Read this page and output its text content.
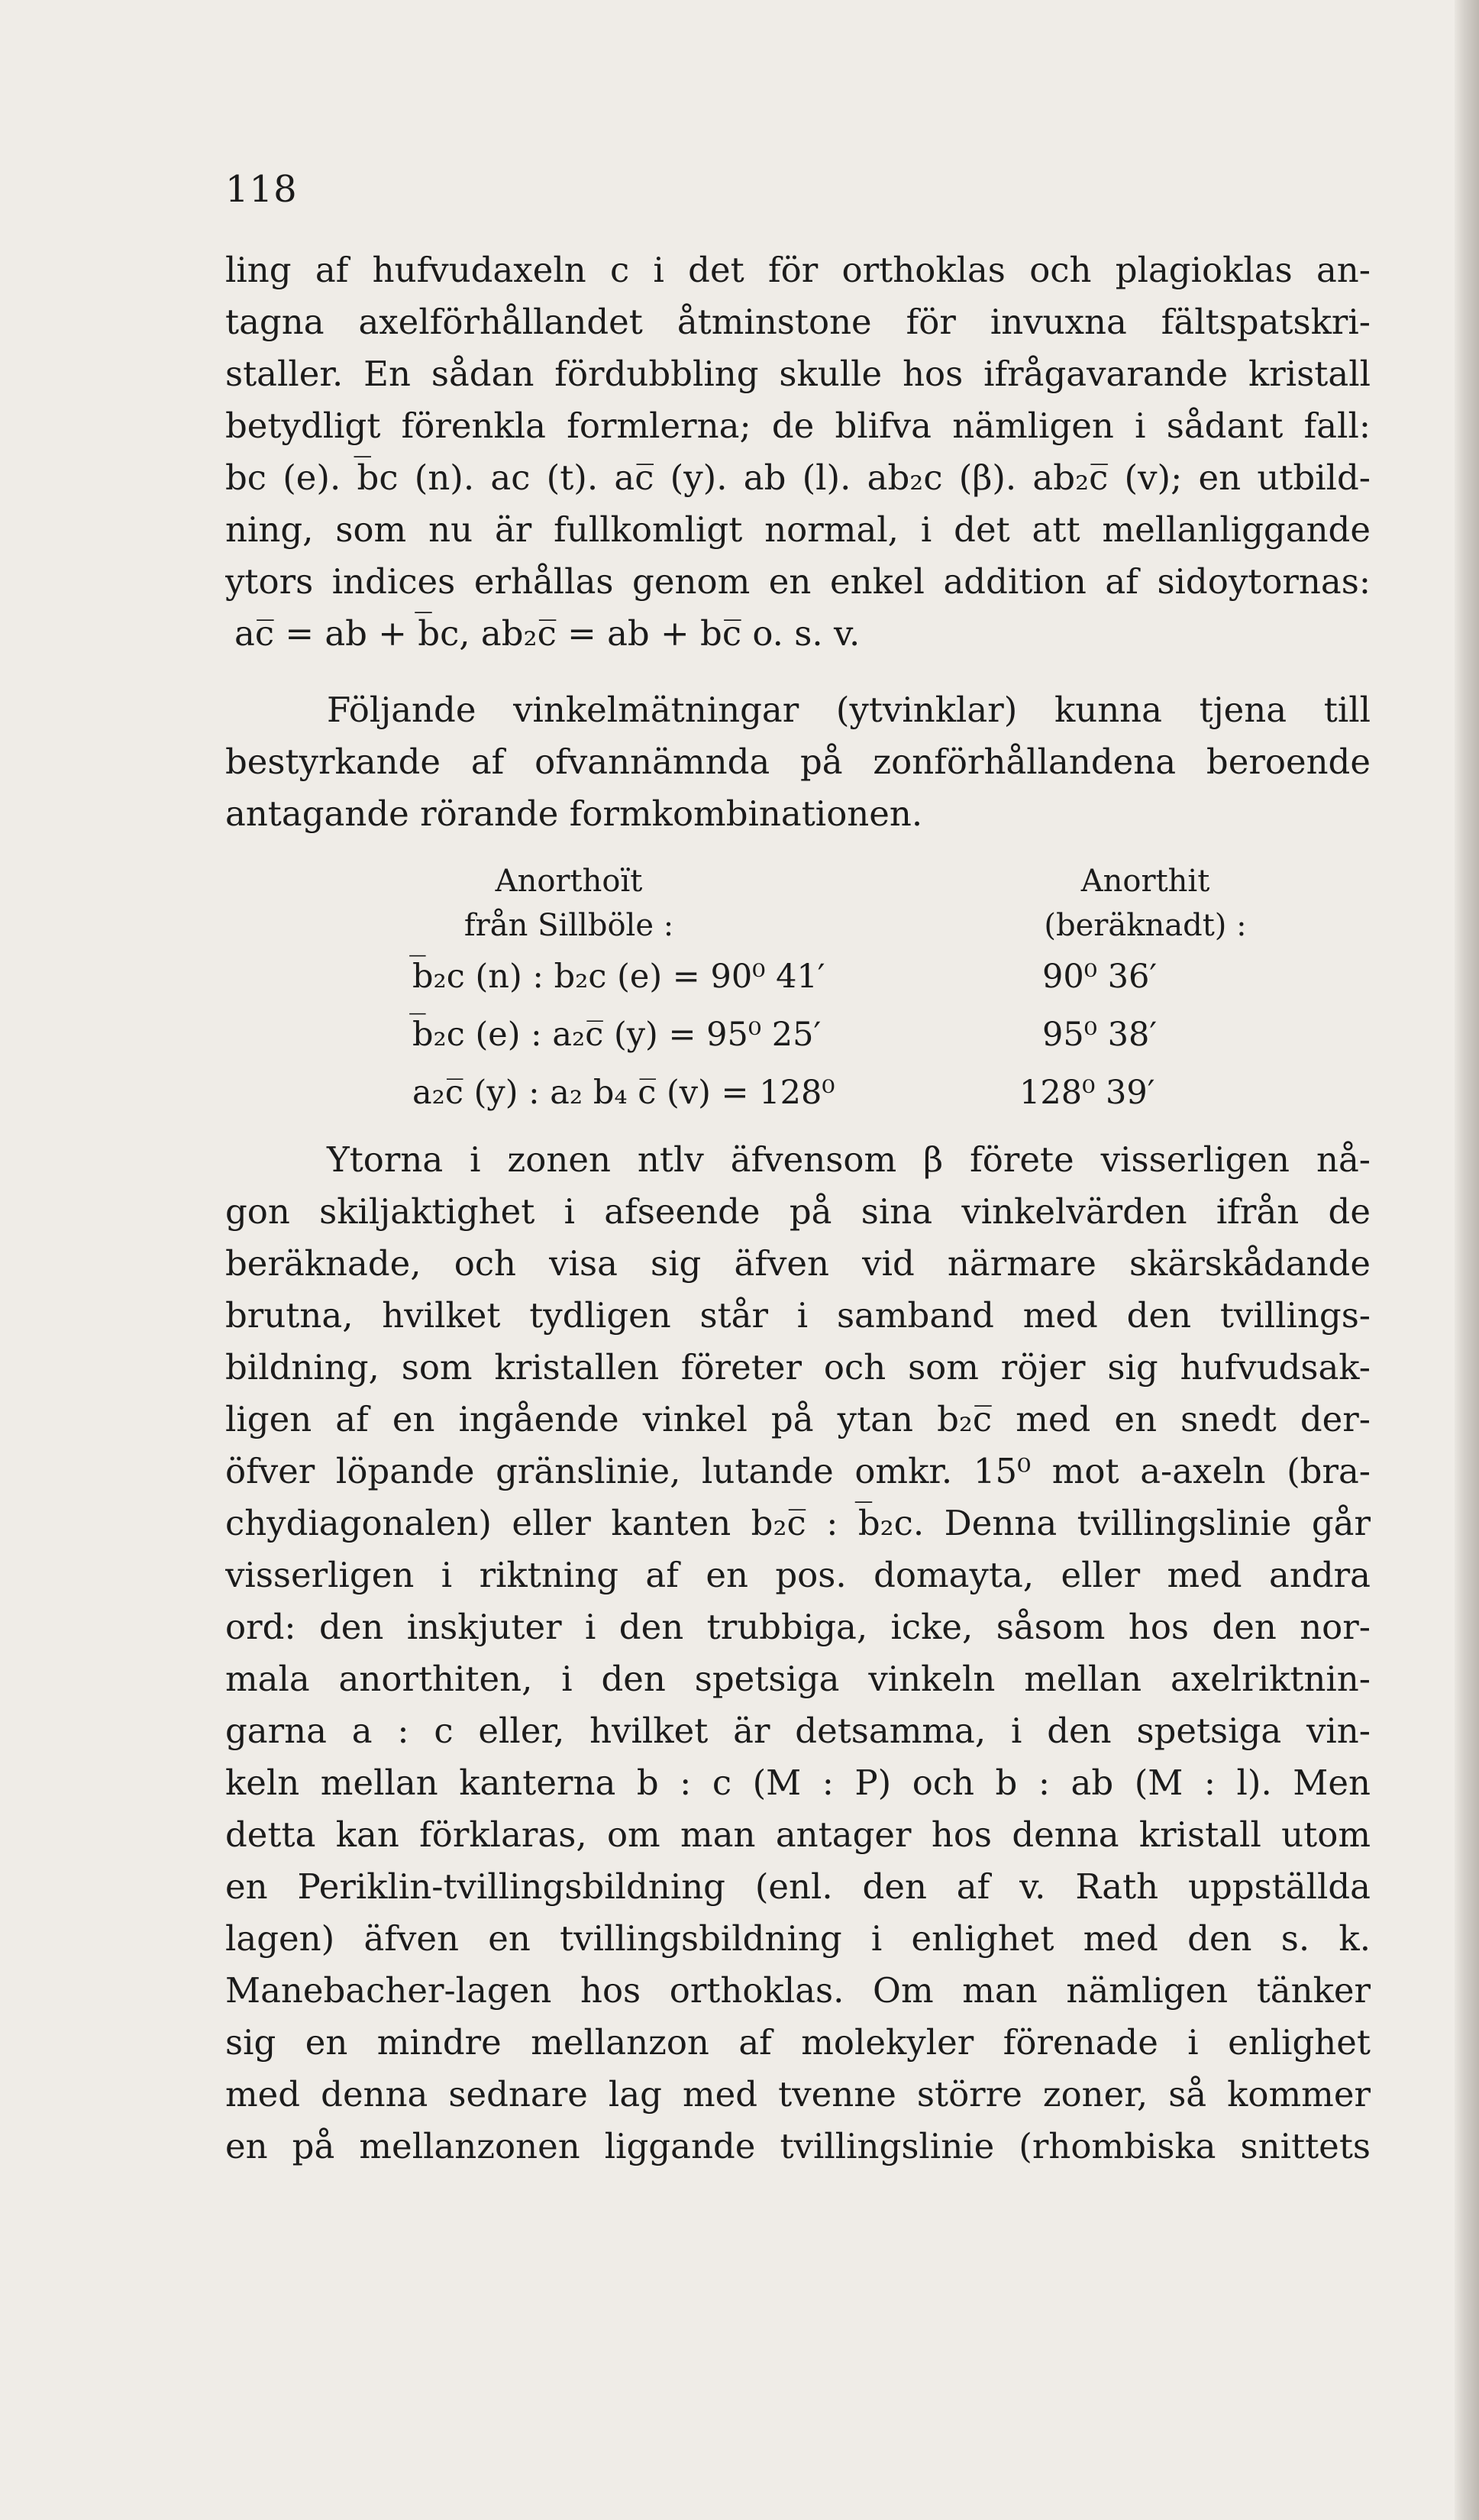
118
ling af hufvudaxeln c i det för orthoklas och plagioklas an-
tagna axelförhållandet åtminstone för invuxna fältspatskri-
staller. En sådan fördubbling skulle hos ifrågavarande kristall
betydligt förenkla formlerna; de blifva nämligen i sådant fall:
bc (e). b̅c (n). ac (t). ac̅ (y). ab (l). ab₂c (β). ab₂c̅ (v); en utbild-
ning, som nu är fullkomligt normal, i det att mellanliggande
ytors indices erhållas genom en enkel addition af sidoytornas:
ac̅ = ab + b̅c, ab₂c̅ = ab + bc̅ o. s. v.
Följande vinkelmätningar (ytvinklar) kunna tjena till
bestyrkande af ofvannämnda på zonförhållandena beroende
antagande rörande formkombinationen.
Anorthoït	Anorthit
från Sillböle :	(beräknadt) :
b̅₂c (n) : b₂c (e) = 90⁰ 41′	90⁰ 36′
b̅₂c (e) : a₂c̅ (y) = 95⁰ 25′	95⁰ 38′
a₂c̅ (y) : a₂ b₄ c̅ (v) = 128⁰	128⁰ 39′
Ytorna i zonen ntlv äfvensom β förete visserligen nå-
gon skiljaktighet i afseende på sina vinkelvärden ifrån de
beräknade, och visa sig äfven vid närmare skärskådande
brutna, hvilket tydligen står i samband med den tvillings-
bildning, som kristallen företer och som röjer sig hufvudsak-
ligen af en ingående vinkel på ytan b₂c̅ med en snedt der-
öfver löpande gränslinie, lutande omkr. 15⁰ mot a-axeln (bra-
chydiagonalen) eller kanten b₂c̅ : b̅₂c. Denna tvillingslinie går
visserligen i riktning af en pos. domayta, eller med andra
ord: den inskjuter i den trubbiga, icke, såsom hos den nor-
mala anorthiten, i den spetsiga vinkeln mellan axelriktnin-
garna a : c eller, hvilket är detsamma, i den spetsiga vin-
keln mellan kanterna b : c (M : P) och b : ab (M : l). Men
detta kan förklaras, om man antager hos denna kristall utom
en Periklin-tvillingsbildning (enl. den af v. Rath uppställda
lagen) äfven en tvillingsbildning i enlighet med den s. k.
Manebacher-lagen hos orthoklas. Om man nämligen tänker
sig en mindre mellanzon af molekyler förenade i enlighet
med denna sednare lag med tvenne större zoner, så kommer
en på mellanzonen liggande tvillingslinie (rhombiska snittets
